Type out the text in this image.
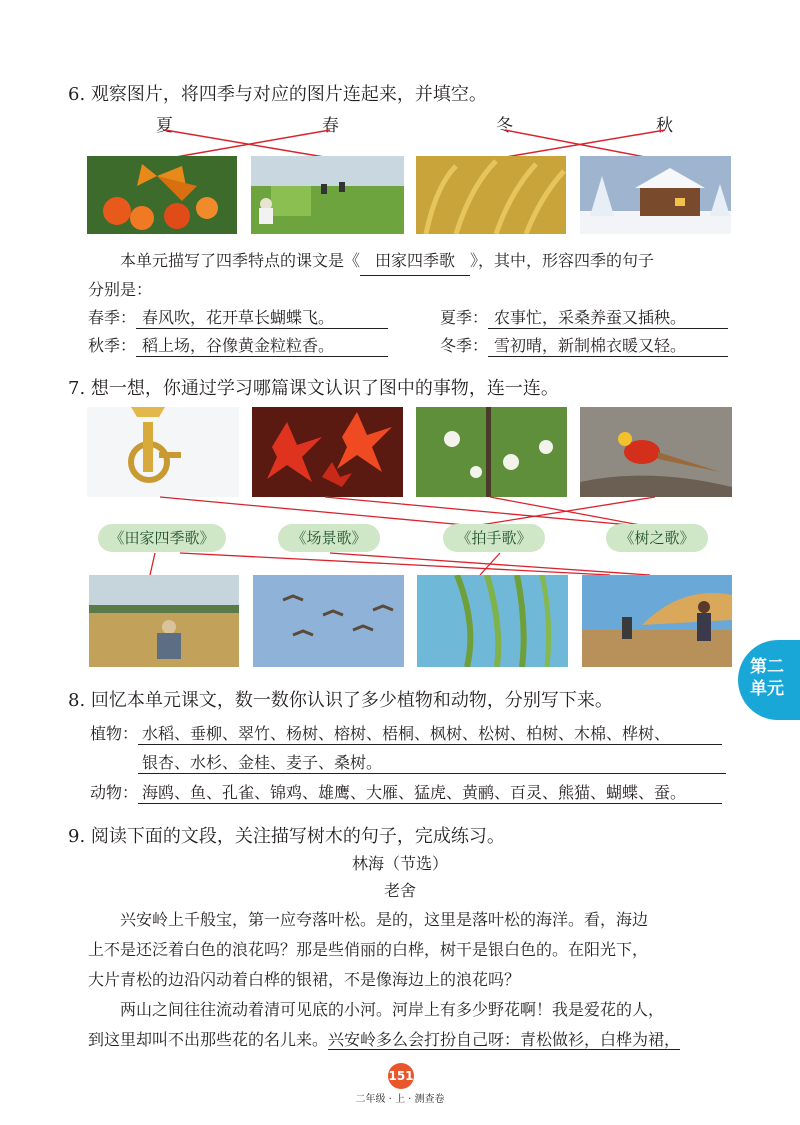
6. 观察图片，将四季与对应的图片连起来，并填空。
夏	春	冬	秋
本单元描写了四季特点的课文是《 田家四季歌 》，其中，形容四季的句子
分别是：
春季： 春风吹，花开草长蝴蝶飞。	夏季： 农事忙，采桑养蚕又插秧。
秋季： 稻上场，谷像黄金粒粒香。	冬季： 雪初晴，新制棉衣暖又轻。
7. 想一想，你通过学习哪篇课文认识了图中的事物，连一连。
《田家四季歌》	《场景歌》	《拍手歌》	《树之歌》
第二
单元
8. 回忆本单元课文，数一数你认识了多少植物和动物，分别写下来。
植物： 水稻、垂柳、翠竹、杨树、榕树、梧桐、枫树、松树、柏树、木棉、桦树、
银杏、水杉、金桂、麦子、桑树。
动物： 海鸥、鱼、孔雀、锦鸡、雄鹰、大雁、猛虎、黄鹂、百灵、熊猫、蝴蝶、蚕。
9. 阅读下面的文段，关注描写树木的句子，完成练习。
林海（节选）
老舍
兴安岭上千般宝，第一应夸落叶松。是的，这里是落叶松的海洋。看，海边
上不是还泛着白色的浪花吗？那是些俏丽的白桦，树干是银白色的。在阳光下，
大片青松的边沿闪动着白桦的银裙，不是像海边上的浪花吗？
两山之间往往流动着清可见底的小河。河岸上有多少野花啊！我是爱花的人，
到这里却叫不出那些花的名儿来。兴安岭多么会打扮自己呀：青松做衫，白桦为裙，
151
二年级 · 上 · 测查卷
